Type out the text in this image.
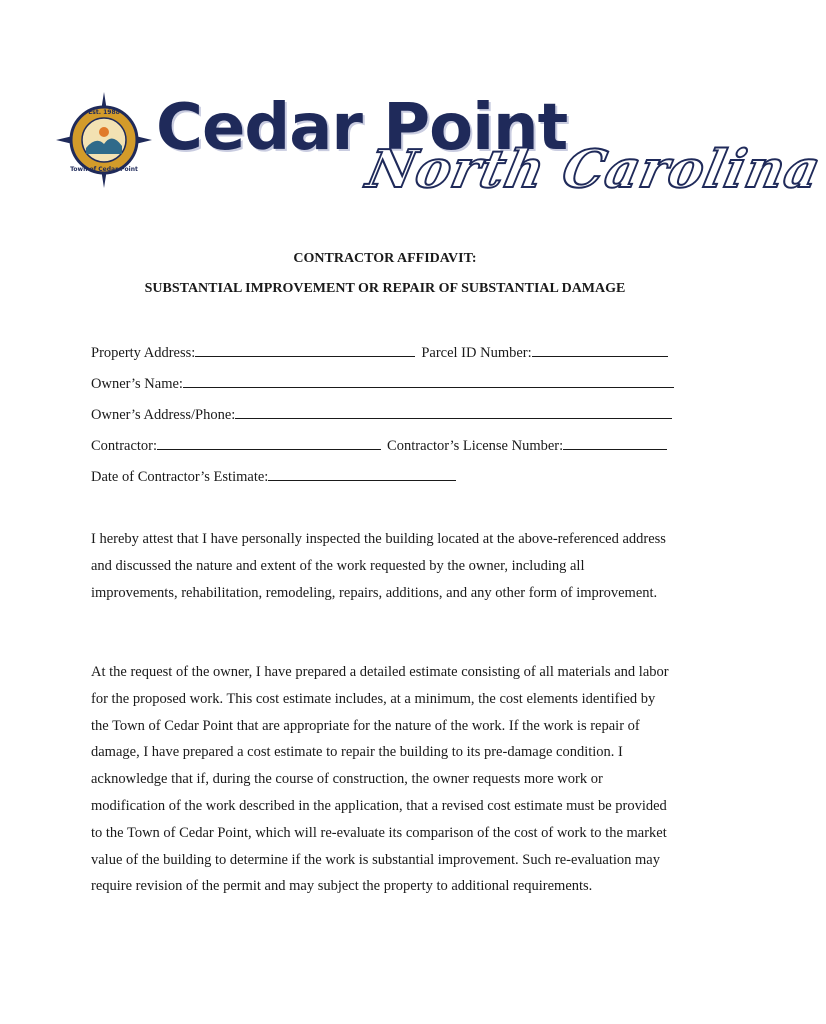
Est. 1988
Town of Cedar Point
Cedar Point
North Carolina
CONTRACTOR AFFIDAVIT:
SUBSTANTIAL IMPROVEMENT OR REPAIR OF SUBSTANTIAL DAMAGE

Property Address:	Parcel ID Number:

Owner’s Name:

Owner’s Address/Phone:

Contractor:	Contractor’s License Number:

Date of Contractor’s Estimate:

I hereby attest that I have personally inspected the building located at the above-referenced address and discussed the nature and extent of the work requested by the owner, including all improvements, rehabilitation, remodeling, repairs, additions, and any other form of improvement.

At the request of the owner, I have prepared a detailed estimate consisting of all materials and labor for the proposed work. This cost estimate includes, at a minimum, the cost elements identified by the Town of Cedar Point that are appropriate for the nature of the work. If the work is repair of damage, I have prepared a cost estimate to repair the building to its pre-damage condition. I acknowledge that if, during the course of construction, the owner requests more work or modification of the work described in the application, that a revised cost estimate must be provided to the Town of Cedar Point, which will re-evaluate its comparison of the cost of work to the market value of the building to determine if the work is substantial improvement. Such re-evaluation may require revision of the permit and may subject the property to additional requirements.
